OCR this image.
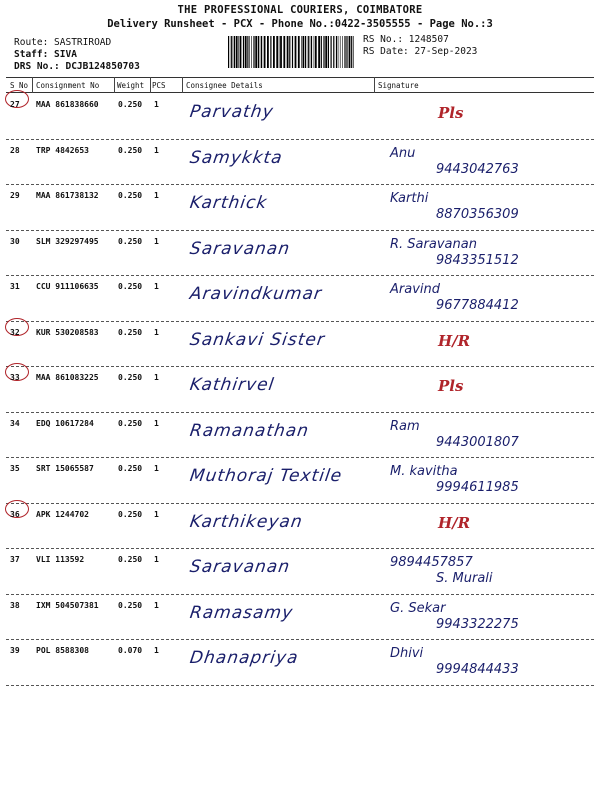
THE PROFESSIONAL COURIERS, COIMBATORE
Delivery Runsheet - PCX - Phone No.:0422-3505555 - Page No.:3
Route: SASTRIROAD
Staff: SIVA
DRS No.: DCJB124850703
RS No.: 1248507
RS Date: 27-Sep-2023
S No Consignment No Weight PCS	Consignee Details	Signature
27 MAA 861838660 0.250 1 Parvathy	Pls
28 TRP 4842653	0.250 1 Samykkta	Anu
9443042763
29 MAA 861738132 0.250 1 Karthick	Karthi
8870356309
30 SLM 329297495 0.250 1 Saravanan	R. Saravanan
9843351512
31 CCU 911106635 0.250 1 Aravindkumar	Aravind
9677884412
32 KUR 530208583 0.250 1 Sankavi Sister	H/R
33 MAA 861083225 0.250 1 Kathirvel	Pls
34 EDQ 10617284	0.250 1 Ramanathan	Ram
9443001807
35 SRT 15065587	0.250 1 Muthoraj Textile	M. kavitha
9994611985
36 APK 1244702	0.250 1 Karthikeyan	H/R
37 VLI 113592	0.250 1 Saravanan	9894457857
S. Murali
38 IXM 504507381 0.250 1 Ramasamy	G. Sekar
9943322275
39 POL 8588308	0.070 1 Dhanapriya	Dhivi
9994844433
